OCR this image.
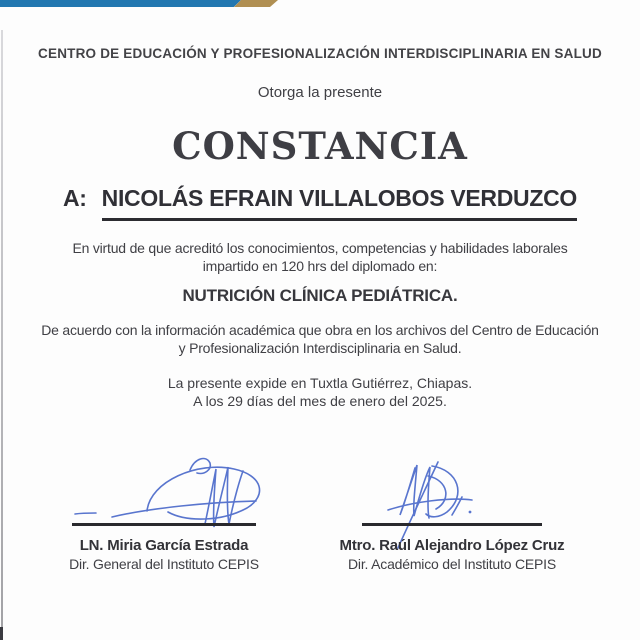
CENTRO DE EDUCACIÓN Y PROFESIONALIZACIÓN INTERDISCIPLINARIA EN SALUD
Otorga la presente
CONSTANCIA
A: NICOLÁS EFRAIN VILLALOBOS VERDUZCO
En virtud de que acreditó los conocimientos, competencias y habilidades laborales
impartido en 120 hrs del diplomado en:
NUTRICIÓN CLÍNICA PEDIÁTRICA.
De acuerdo con la información académica que obra en los archivos del Centro de Educación
y Profesionalización Interdisciplinaria en Salud.
La presente expide en Tuxtla Gutiérrez, Chiapas.
A los 29 días del mes de enero del 2025.
LN. Miria García Estrada
Dir. General del Instituto CEPIS
Mtro. Raúl Alejandro López Cruz
Dir. Académico del Instituto CEPIS
